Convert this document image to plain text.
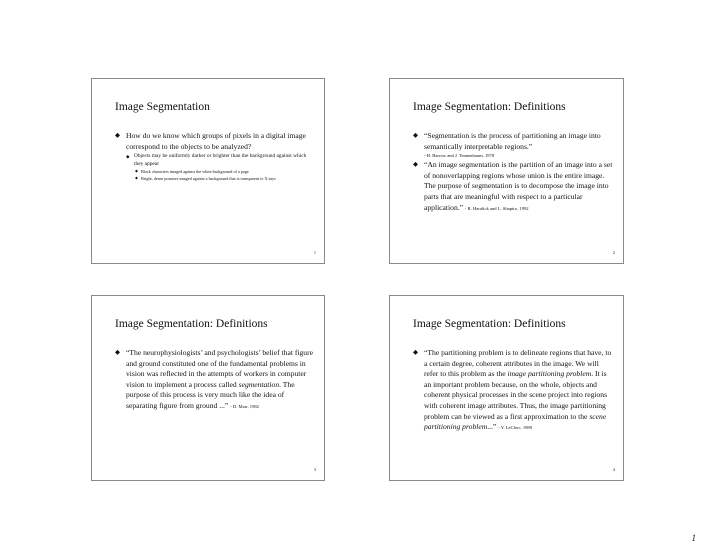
Image Segmentation
◆ How do we know which groups of pixels in a digital image correspond to the objects to be analyzed?
◆ Objects may be uniformly darker or brighter than the background against which they appear
◆ Black characters imaged against the white background of a page
◆ Bright, dense potatoes imaged against a background that is transparent to X-rays
1
Image Segmentation: Definitions
◆ “Segmentation is the process of partitioning an image into semantically interpretable regions.”
- H. Barrow and J. Tennenbaum, 1978
◆ “An image segmentation is the partition of an image into a set of nonoverlapping regions whose union is the entire image. The purpose of segmentation is to decompose the image into parts that are meaningful with respect to a particular application.” - R. Haralick and L. Shapiro, 1992
2
Image Segmentation: Definitions
◆ “The neurophysiologists’ and psychologists’ belief that figure and ground constituted one of the fundamental problems in vision was reflected in the attempts of workers in computer vision to implement a process called segmentation. The purpose of this process is very much like the idea of separating figure from ground ...” - D. Marr, 1982
3
Image Segmentation: Definitions
◆ “The partitioning problem is to delineate regions that have, to a certain degree, coherent attributes in the image. We will refer to this problem as the image partitioning problem. It is an important problem because, on the whole, objects and coherent physical processes in the scene project into regions with coherent image attributes. Thus, the image partitioning problem can be viewed as a first approximation to the scene partitioning problem...” - Y. LeClerc, 1989
4
1
